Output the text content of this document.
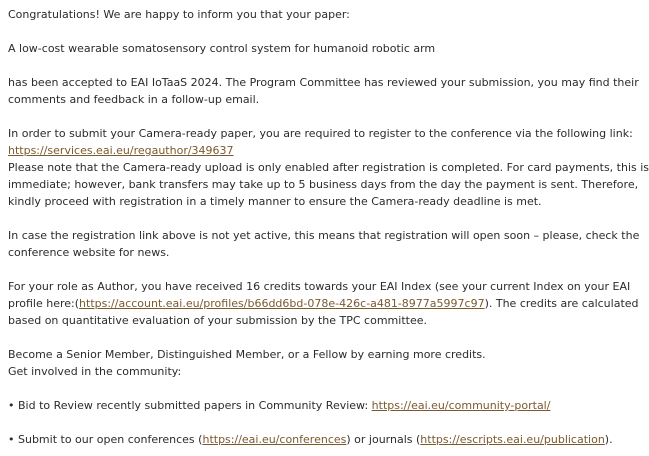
Congratulations! We are happy to inform you that your paper:
A low-cost wearable somatosensory control system for humanoid robotic arm
has been accepted to EAI IoTaaS 2024. The Program Committee has reviewed your submission, you may find their
comments and feedback in a follow-up email.
In order to submit your Camera-ready paper, you are required to register to the conference via the following link:
https://services.eai.eu/regauthor/349637
Please note that the Camera-ready upload is only enabled after registration is completed. For card payments, this is
immediate; however, bank transfers may take up to 5 business days from the day the payment is sent. Therefore,
kindly proceed with registration in a timely manner to ensure the Camera-ready deadline is met.
In case the registration link above is not yet active, this means that registration will open soon – please, check the
conference website for news.
For your role as Author, you have received 16 credits towards your EAI Index (see your current Index on your EAI
profile here:(https://account.eai.eu/profiles/b66dd6bd-078e-426c-a481-8977a5997c97). The credits are calculated
based on quantitative evaluation of your submission by the TPC committee.
Become a Senior Member, Distinguished Member, or a Fellow by earning more credits.
Get involved in the community:
• Bid to Review recently submitted papers in Community Review: https://eai.eu/community-portal/
• Submit to our open conferences (https://eai.eu/conferences) or journals (https://escripts.eai.eu/publication).
